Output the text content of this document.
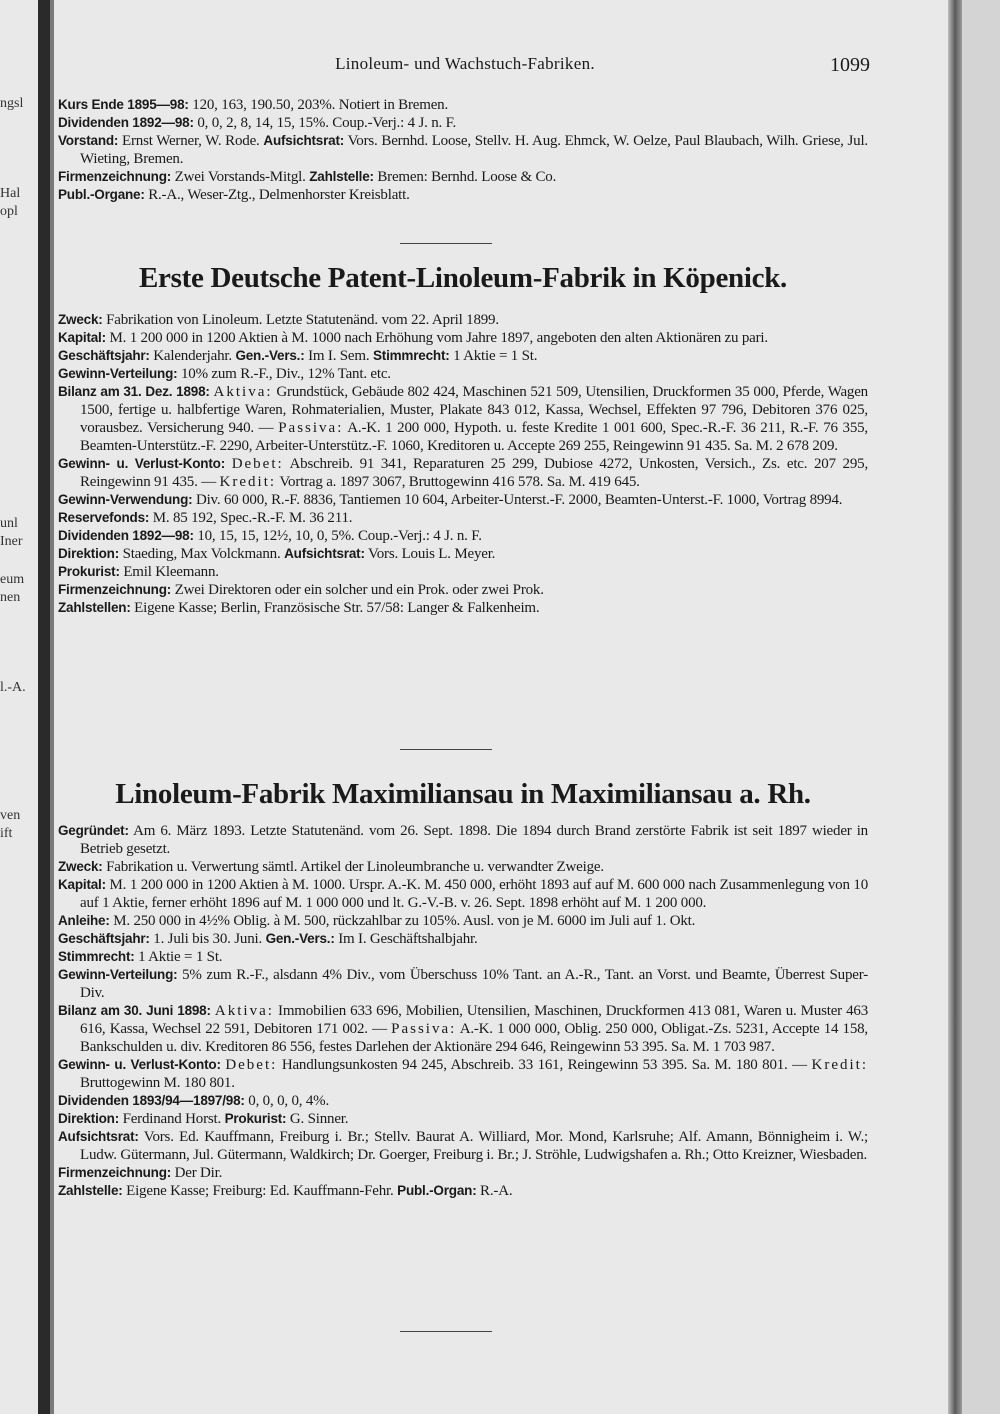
ngsl
Hal
opl
unl
Iner
eum
nen
l.-A.
ven
ift
Linoleum- und Wachstuch-Fabriken.	1099
Kurs Ende 1895—98: 120, 163, 190.50, 203%. Notiert in Bremen.
Dividenden 1892—98: 0, 0, 2, 8, 14, 15, 15%. Coup.-Verj.: 4 J. n. F.
Vorstand: Ernst Werner, W. Rode. Aufsichtsrat: Vors. Bernhd. Loose, Stellv. H. Aug. Ehmck, W. Oelze, Paul Blaubach, Wilh. Griese, Jul. Wieting, Bremen.
Firmenzeichnung: Zwei Vorstands-Mitgl. Zahlstelle: Bremen: Bernhd. Loose & Co.
Publ.-Organe: R.-A., Weser-Ztg., Delmenhorster Kreisblatt.
Erste Deutsche Patent-Linoleum-Fabrik in Köpenick.
Zweck: Fabrikation von Linoleum. Letzte Statutenänd. vom 22. April 1899.
Kapital: M. 1 200 000 in 1200 Aktien à M. 1000 nach Erhöhung vom Jahre 1897, angeboten den alten Aktionären zu pari.
Geschäftsjahr: Kalenderjahr. Gen.-Vers.: Im I. Sem. Stimmrecht: 1 Aktie = 1 St.
Gewinn-Verteilung: 10% zum R.-F., Div., 12% Tant. etc.
Bilanz am 31. Dez. 1898: Aktiva: Grundstück, Gebäude 802 424, Maschinen 521 509, Utensilien, Druckformen 35 000, Pferde, Wagen 1500, fertige u. halbfertige Waren, Rohmaterialien, Muster, Plakate 843 012, Kassa, Wechsel, Effekten 97 796, Debitoren 376 025, vorausbez. Versicherung 940. — Passiva: A.-K. 1 200 000, Hypoth. u. feste Kredite 1 001 600, Spec.-R.-F. 36 211, R.-F. 76 355, Beamten-Unterstütz.-F. 2290, Arbeiter-Unterstütz.-F. 1060, Kreditoren u. Accepte 269 255, Reingewinn 91 435. Sa. M. 2 678 209.
Gewinn- u. Verlust-Konto: Debet: Abschreib. 91 341, Reparaturen 25 299, Dubiose 4272, Unkosten, Versich., Zs. etc. 207 295, Reingewinn 91 435. — Kredit: Vortrag a. 1897 3067, Bruttogewinn 416 578. Sa. M. 419 645.
Gewinn-Verwendung: Div. 60 000, R.-F. 8836, Tantiemen 10 604, Arbeiter-Unterst.-F. 2000, Beamten-Unterst.-F. 1000, Vortrag 8994.
Reservefonds: M. 85 192, Spec.-R.-F. M. 36 211.
Dividenden 1892—98: 10, 15, 15, 12½, 10, 0, 5%. Coup.-Verj.: 4 J. n. F.
Direktion: Staeding, Max Volckmann. Aufsichtsrat: Vors. Louis L. Meyer.
Prokurist: Emil Kleemann.
Firmenzeichnung: Zwei Direktoren oder ein solcher und ein Prok. oder zwei Prok.
Zahlstellen: Eigene Kasse; Berlin, Französische Str. 57/58: Langer & Falkenheim.
Linoleum-Fabrik Maximiliansau in Maximiliansau a. Rh.
Gegründet: Am 6. März 1893. Letzte Statutenänd. vom 26. Sept. 1898. Die 1894 durch Brand zerstörte Fabrik ist seit 1897 wieder in Betrieb gesetzt.
Zweck: Fabrikation u. Verwertung sämtl. Artikel der Linoleumbranche u. verwandter Zweige.
Kapital: M. 1 200 000 in 1200 Aktien à M. 1000. Urspr. A.-K. M. 450 000, erhöht 1893 auf auf M. 600 000 nach Zusammenlegung von 10 auf 1 Aktie, ferner erhöht 1896 auf M. 1 000 000 und lt. G.-V.-B. v. 26. Sept. 1898 erhöht auf M. 1 200 000.
Anleihe: M. 250 000 in 4½% Oblig. à M. 500, rückzahlbar zu 105%. Ausl. von je M. 6000 im Juli auf 1. Okt.
Geschäftsjahr: 1. Juli bis 30. Juni. Gen.-Vers.: Im I. Geschäftshalbjahr.
Stimmrecht: 1 Aktie = 1 St.
Gewinn-Verteilung: 5% zum R.-F., alsdann 4% Div., vom Überschuss 10% Tant. an A.-R., Tant. an Vorst. und Beamte, Überrest Super-Div.
Bilanz am 30. Juni 1898: Aktiva: Immobilien 633 696, Mobilien, Utensilien, Maschinen, Druckformen 413 081, Waren u. Muster 463 616, Kassa, Wechsel 22 591, Debitoren 171 002. — Passiva: A.-K. 1 000 000, Oblig. 250 000, Obligat.-Zs. 5231, Accepte 14 158, Bankschulden u. div. Kreditoren 86 556, festes Darlehen der Aktionäre 294 646, Reingewinn 53 395. Sa. M. 1 703 987.
Gewinn- u. Verlust-Konto: Debet: Handlungsunkosten 94 245, Abschreib. 33 161, Reingewinn 53 395. Sa. M. 180 801. — Kredit: Bruttogewinn M. 180 801.
Dividenden 1893/94—1897/98: 0, 0, 0, 0, 4%.
Direktion: Ferdinand Horst. Prokurist: G. Sinner.
Aufsichtsrat: Vors. Ed. Kauffmann, Freiburg i. Br.; Stellv. Baurat A. Williard, Mor. Mond, Karlsruhe; Alf. Amann, Bönnigheim i. W.; Ludw. Gütermann, Jul. Gütermann, Waldkirch; Dr. Goerger, Freiburg i. Br.; J. Ströhle, Ludwigshafen a. Rh.; Otto Kreizner, Wiesbaden.
Firmenzeichnung: Der Dir.
Zahlstelle: Eigene Kasse; Freiburg: Ed. Kauffmann-Fehr. Publ.-Organ: R.-A.
